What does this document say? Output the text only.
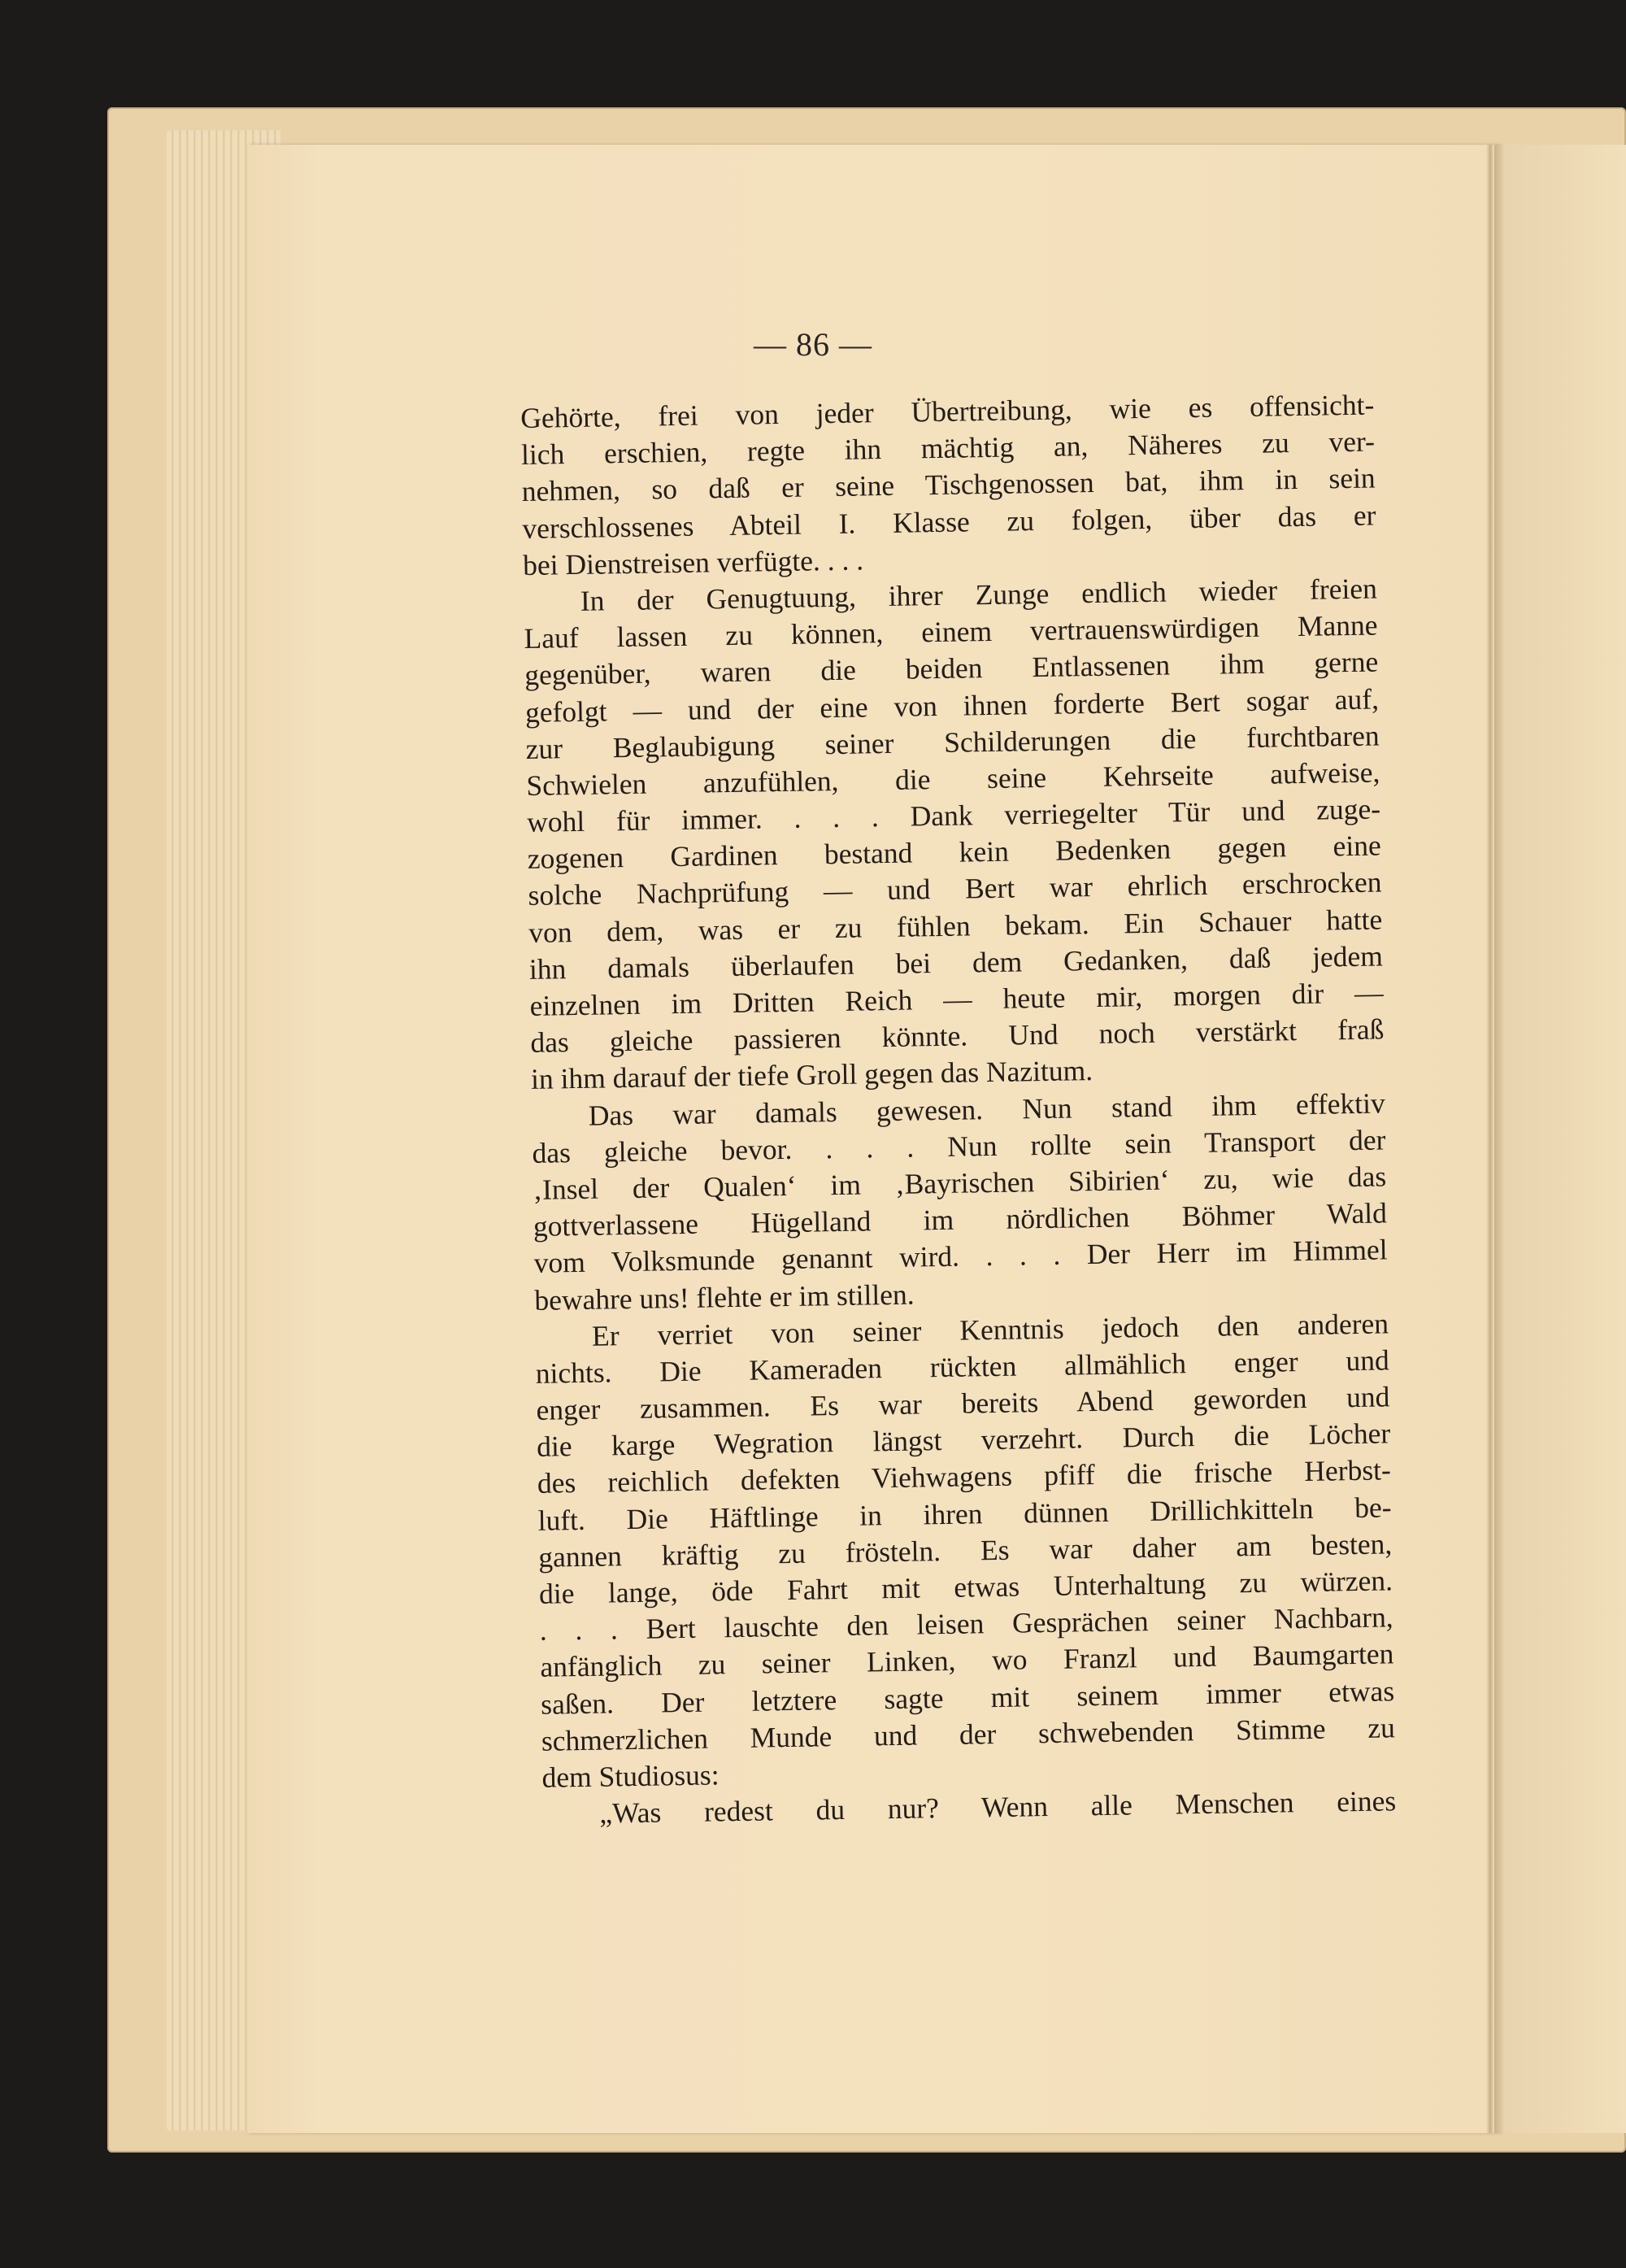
— 86 —
Gehörte, frei von jeder Übertreibung, wie es offensicht-
lich erschien, regte ihn mächtig an, Näheres zu ver-
nehmen, so daß er seine Tischgenossen bat, ihm in sein
verschlossenes Abteil I. Klasse zu folgen, über das er
bei Dienstreisen verfügte. . . .
In der Genugtuung, ihrer Zunge endlich wieder freien
Lauf lassen zu können, einem vertrauenswürdigen Manne
gegenüber, waren die beiden Entlassenen ihm gerne
gefolgt — und der eine von ihnen forderte Bert sogar auf,
zur Beglaubigung seiner Schilderungen die furchtbaren
Schwielen anzufühlen, die seine Kehrseite aufweise,
wohl für immer. . . . Dank verriegelter Tür und zuge-
zogenen Gardinen bestand kein Bedenken gegen eine
solche Nachprüfung — und Bert war ehrlich erschrocken
von dem, was er zu fühlen bekam. Ein Schauer hatte
ihn damals überlaufen bei dem Gedanken, daß jedem
einzelnen im Dritten Reich — heute mir, morgen dir —
das gleiche passieren könnte. Und noch verstärkt fraß
in ihm darauf der tiefe Groll gegen das Nazitum.
Das war damals gewesen. Nun stand ihm effektiv
das gleiche bevor. . . . Nun rollte sein Transport der
‚Insel der Qualen‘ im ‚Bayrischen Sibirien‘ zu, wie das
gottverlassene Hügelland im nördlichen Böhmer Wald
vom Volksmunde genannt wird. . . . Der Herr im Himmel
bewahre uns! flehte er im stillen.
Er verriet von seiner Kenntnis jedoch den anderen
nichts. Die Kameraden rückten allmählich enger und
enger zusammen. Es war bereits Abend geworden und
die karge Wegration längst verzehrt. Durch die Löcher
des reichlich defekten Viehwagens pfiff die frische Herbst-
luft. Die Häftlinge in ihren dünnen Drillichkitteln be-
gannen kräftig zu frösteln. Es war daher am besten,
die lange, öde Fahrt mit etwas Unterhaltung zu würzen.
. . . Bert lauschte den leisen Gesprächen seiner Nachbarn,
anfänglich zu seiner Linken, wo Franzl und Baumgarten
saßen. Der letztere sagte mit seinem immer etwas
schmerzlichen Munde und der schwebenden Stimme zu
dem Studiosus:
„Was redest du nur? Wenn alle Menschen eines
